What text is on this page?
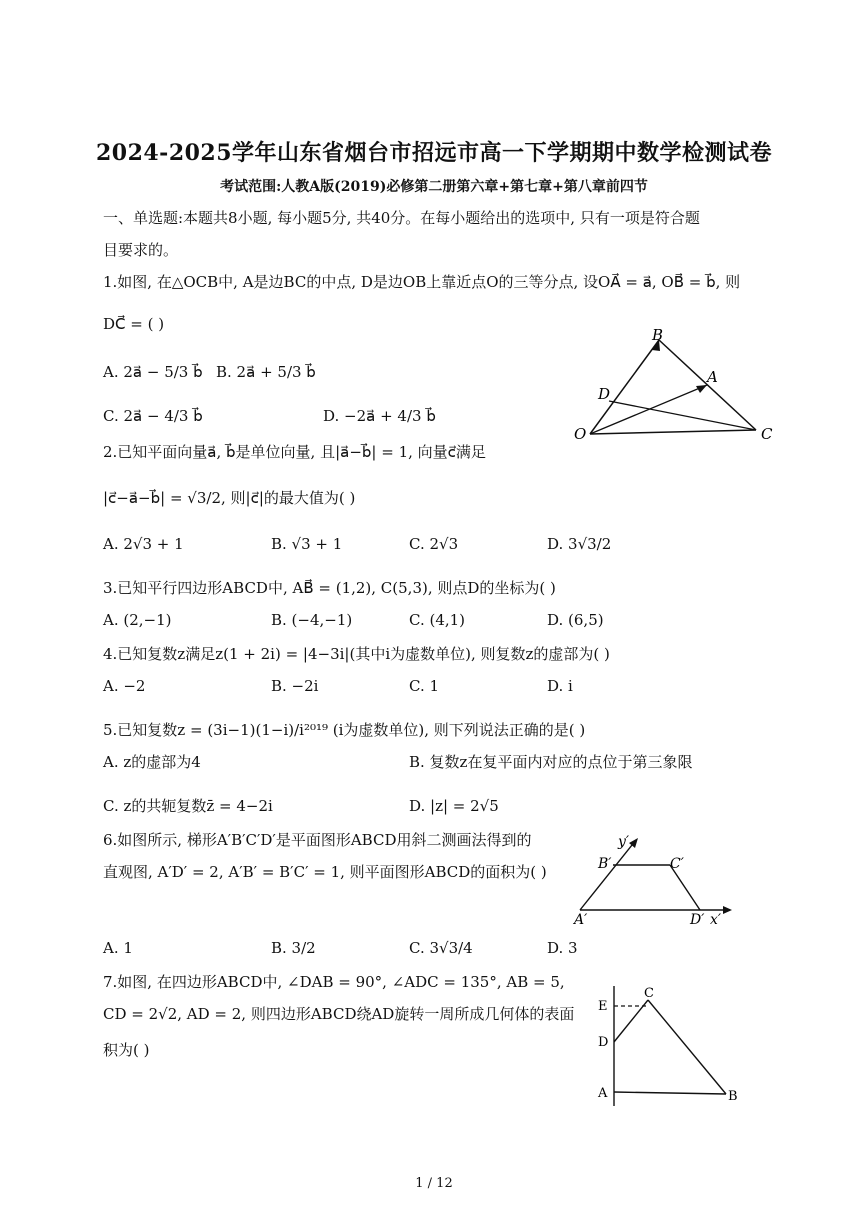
2024-2025学年山东省烟台市招远市高一下学期期中数学检测试卷
考试范围:人教A版(2019)必修第二册第六章+第七章+第八章前四节
一、单选题:本题共8小题, 每小题5分, 共40分。在每小题给出的选项中, 只有一项是符合题
目要求的。
1.如图, 在△OCB中, A是边BC的中点, D是边OB上靠近点O的三等分点, 设OA⃗ = a⃗, OB⃗ = b⃗, 则
DC⃗ = ( )
A. 2a⃗ − 5/3 b⃗ B. 2a⃗ + 5/3 b⃗
C. 2a⃗ − 4/3 b⃗	D. −2a⃗ + 4/3 b⃗
B
A
D
O	C
2.已知平面向量a⃗, b⃗是单位向量, 且|a⃗−b⃗| = 1, 向量c⃗满足
|c⃗−a⃗−b⃗| = √3/2, 则|c⃗|的最大值为( )
A. 2√3 + 1	B. √3 + 1	C. 2√3	D. 3√3/2
3.已知平行四边形ABCD中, AB⃗ = (1,2), C(5,3), 则点D的坐标为( )
A. (2,−1)	B. (−4,−1)	C. (4,1)	D. (6,5)
4.已知复数z满足z(1 + 2i) = |4−3i|(其中i为虚数单位), 则复数z的虚部为( )
A. −2	B. −2i	C. 1	D. i
5.已知复数z = (3i−1)(1−i)/i²⁰¹⁹ (i为虚数单位), 则下列说法正确的是( )
A. z的虚部为4	B. 复数z在复平面内对应的点位于第三象限
C. z的共轭复数z̄ = 4−2i	D. |z| = 2√5
6.如图所示, 梯形A′B′C′D′是平面图形ABCD用斜二测画法得到的
直观图, A′D′ = 2, A′B′ = B′C′ = 1, 则平面图形ABCD的面积为( )
A. 1	B. 3/2	C. 3√3/4	D. 3
y′
B′	C′
A′	D′ x′
7.如图, 在四边形ABCD中, ∠DAB = 90°, ∠ADC = 135°, AB = 5,
CD = 2√2, AD = 2, 则四边形ABCD绕AD旋转一周所成几何体的表面
积为( )
E
C
D
A	B
1 / 12
